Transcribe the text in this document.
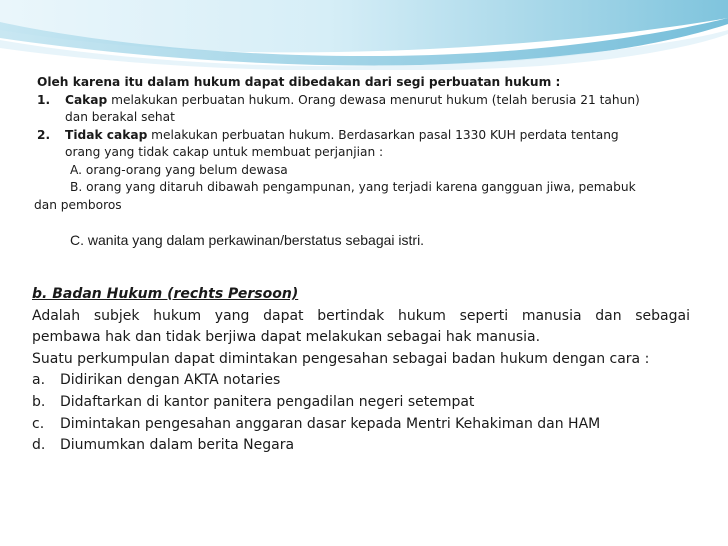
Oleh karena itu dalam hukum dapat dibedakan dari segi perbuatan hukum :
1. Cakap melakukan perbuatan hukum. Orang dewasa menurut hukum (telah berusia 21 tahun)
dan berakal sehat
2. Tidak cakap melakukan perbuatan hukum. Berdasarkan pasal 1330 KUH perdata tentang
orang yang tidak cakap untuk membuat perjanjian :
A. orang-orang yang belum dewasa
B. orang yang ditaruh dibawah pengampunan, yang terjadi karena gangguan jiwa, pemabuk
dan pemboros
C. wanita yang dalam perkawinan/berstatus sebagai istri.
b. Badan Hukum (rechts Persoon)
Adalah subjek hukum yang dapat bertindak hukum seperti manusia dan sebagai
pembawa hak dan tidak berjiwa dapat melakukan sebagai hak manusia.
Suatu perkumpulan dapat dimintakan pengesahan sebagai badan hukum dengan cara :
a. Didirikan dengan AKTA notaries
b. Didaftarkan di kantor panitera pengadilan negeri setempat
c. Dimintakan pengesahan anggaran dasar kepada Mentri Kehakiman dan HAM
d. Diumumkan dalam berita Negara
